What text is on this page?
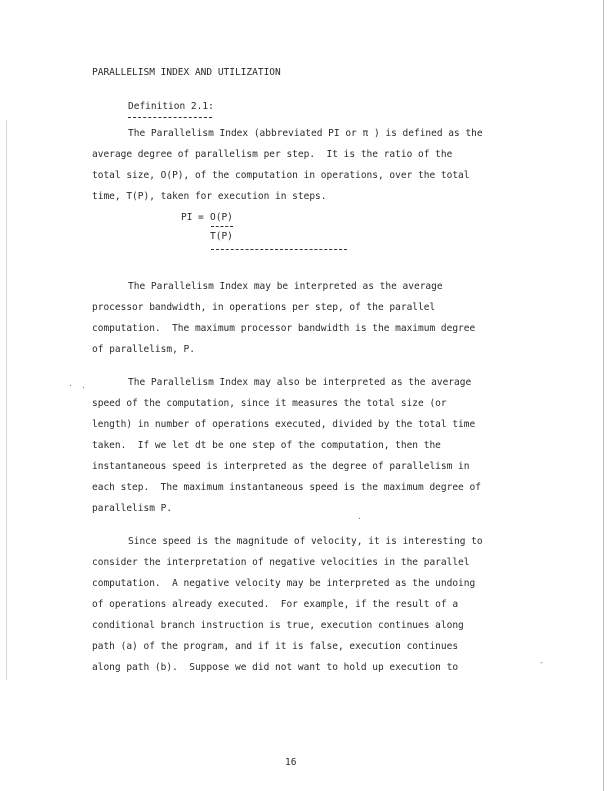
PARALLELISM INDEX AND UTILIZATION
Definition 2.1:
The Parallelism Index (abbreviated PI or π ) is defined as the
average degree of parallelism per step.  It is the ratio of the
total size, O(P), of the computation in operations, over the total
time, T(P), taken for execution in steps.
PI = O(P)
T(P)
The Parallelism Index may be interpreted as the average
processor bandwidth, in operations per step, of the parallel
computation.  The maximum processor bandwidth is the maximum degree
of parallelism, P.
The Parallelism Index may also be interpreted as the average
speed of the computation, since it measures the total size (or
length) in number of operations executed, divided by the total time
taken.  If we let dt be one step of the computation, then the
instantaneous speed is interpreted as the degree of parallelism in
each step.  The maximum instantaneous speed is the maximum degree of
parallelism P.
Since speed is the magnitude of velocity, it is interesting to
consider the interpretation of negative velocities in the parallel
computation.  A negative velocity may be interpreted as the undoing
of operations already executed.  For example, if the result of a
conditional branch instruction is true, execution continues along
path (a) of the program, and if it is false, execution continues
along path (b).  Suppose we did not want to hold up execution to
16
· ·
·
-
